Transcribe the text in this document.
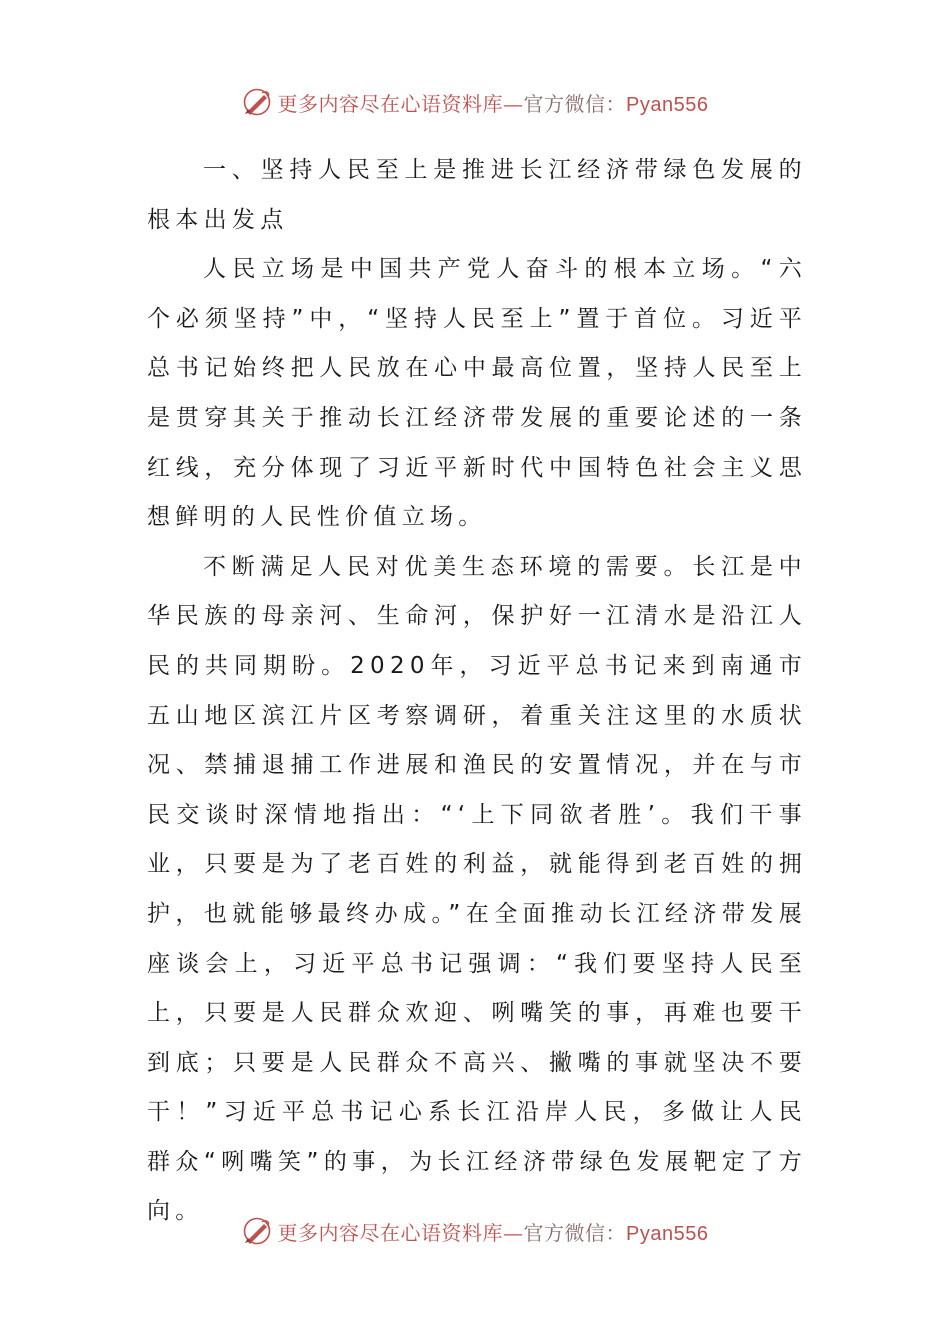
更多内容尽在心语资料库—官方微信：Pyan556

一、坚持人民至上是推进长江经济带绿色发展的根本出发点

人民立场是中国共产党人奋斗的根本立场。“六个必须坚持”中，“坚持人民至上”置于首位。习近平总书记始终把人民放在心中最高位置，坚持人民至上是贯穿其关于推动长江经济带发展的重要论述的一条红线，充分体现了习近平新时代中国特色社会主义思想鲜明的人民性价值立场。

不断满足人民对优美生态环境的需要。长江是中华民族的母亲河、生命河，保护好一江清水是沿江人民的共同期盼。2020年，习近平总书记来到南通市五山地区滨江片区考察调研，着重关注这里的水质状况、禁捕退捕工作进展和渔民的安置情况，并在与市民交谈时深情地指出：“‘上下同欲者胜’。我们干事业，只要是为了老百姓的利益，就能得到老百姓的拥护，也就能够最终办成。”在全面推动长江经济带发展座谈会上，习近平总书记强调：“我们要坚持人民至上，只要是人民群众欢迎、咧嘴笑的事，再难也要干到底；只要是人民群众不高兴、撇嘴的事就坚决不要干！”习近平总书记心系长江沿岸人民，多做让人民群众“咧嘴笑”的事，为长江经济带绿色发展靶定了方向。

更多内容尽在心语资料库—官方微信：Pyan556
